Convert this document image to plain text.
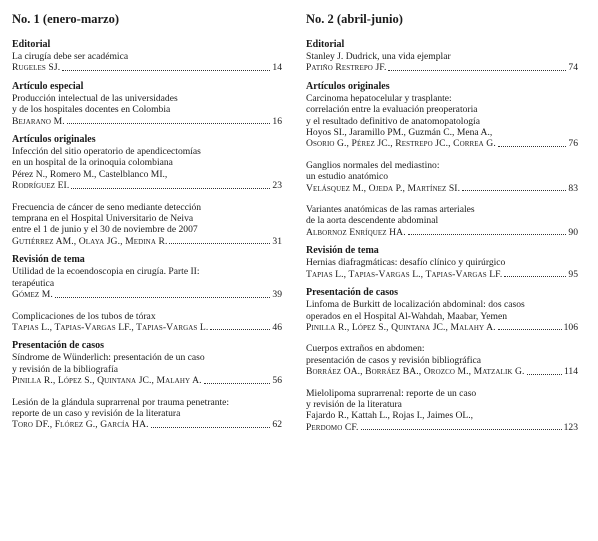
No. 1 (enero-marzo)
Editorial
La cirugía debe ser académica
Rugeles SJ.	14
Artículo especial
Producción intelectual de las universidades
y de los hospitales docentes en Colombia
Bejarano M.	16
Artículos originales
Infección del sitio operatorio de apendicectomías
en un hospital de la orinoquia colombiana
Pérez N., Romero M., Castelblanco MI.,
Rodríguez EI.	23
Frecuencia de cáncer de seno mediante detección
temprana en el Hospital Universitario de Neiva
entre el 1 de junio y el 30 de noviembre de 2007
Gutiérrez AM., Olaya JG., Medina R.	31
Revisión de tema
Utilidad de la ecoendoscopia en cirugía. Parte II:
terapéutica
Gómez M.	39
Complicaciones de los tubos de tórax
Tapias L., Tapias-Vargas LF., Tapias-Vargas L.	46
Presentación de casos
Síndrome de Wünderlich: presentación de un caso
y revisión de la bibliografía
Pinilla R., López S., Quintana JC., Malahy A.	56
Lesión de la glándula suprarrenal por trauma penetrante:
reporte de un caso y revisión de la literatura
Toro DF., Flórez G., García HA.	62
No. 2 (abril-junio)
Editorial
Stanley J. Dudrick, una vida ejemplar
Patiño Restrepo JF.	74
Artículos originales
Carcinoma hepatocelular y trasplante:
correlación entre la evaluación preoperatoria
y el resultado definitivo de anatomopatología
Hoyos SI., Jaramillo PM., Guzmán C., Mena A.,
Osorio G., Pérez JC., Restrepo JC., Correa G.	76
Ganglios normales del mediastino:
un estudio anatómico
Velásquez M., Ojeda P., Martínez SI.	83
Variantes anatómicas de las ramas arteriales
de la aorta descendente abdominal
Albornoz Enríquez HA.	90
Revisión de tema
Hernias diafragmáticas: desafío clínico y quirúrgico
Tapias L., Tapias-Vargas L., Tapias-Vargas LF.	95
Presentación de casos
Linfoma de Burkitt de localización abdominal: dos casos
operados en el Hospital Al-Wahdah, Maabar, Yemen
Pinilla R., López S., Quintana JC., Malahy A.	106
Cuerpos extraños en abdomen:
presentación de casos y revisión bibliográfica
Borráez OA., Borráez BA., Orozco M., Matzalik G.	114
Mielolipoma suprarrenal: reporte de un caso
y revisión de la literatura
Fajardo R., Kattah L., Rojas I., Jaimes OL.,
Perdomo CF.	123
